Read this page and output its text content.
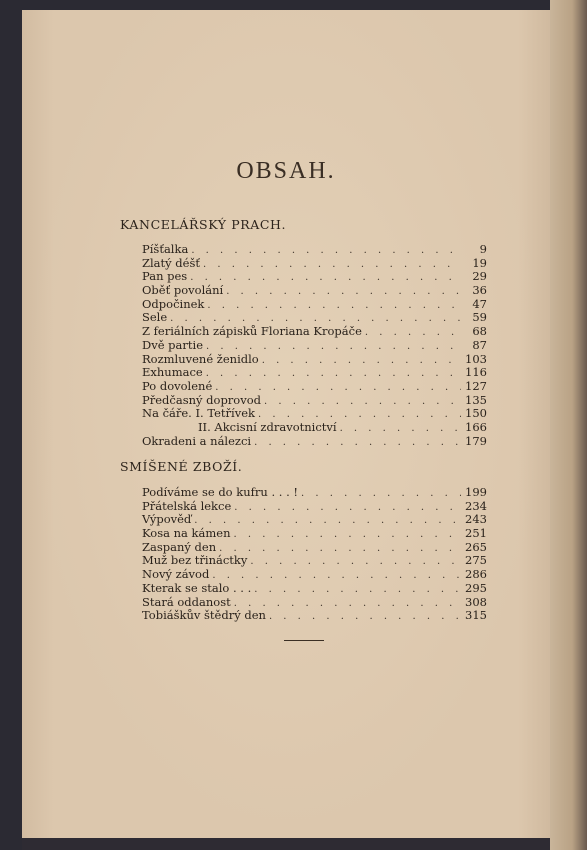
OBSAH.
KANCELÁŘSKÝ PRACH.
Píšťalka . . .	9
Zlatý déšť . . .	19
Pan pes . . .	29
Oběť povolání . . .	36
Odpočinek . . .	47
Sele . . .	59
Z feriálních zápisků Floriana Kropáče . . .	68
Dvě partie . . .	87
Rozmluvené ženidlo . . .	103
Exhumace . . .	116
Po dovolené . . .	127
Předčasný doprovod . . .	135
Na čáře. I. Tetřívek . . .	150
II. Akcisní zdravotnictví . . .	166
Okradeni a nálezci . . .	179
SMÍŠENÉ ZBOŽÍ.
Podíváme se do kufru . . . ! . . .	199
Přátelská lekce . . .	234
Výpověď . . .	243
Kosa na kámen . . .	251
Zaspaný den . . .	265
Muž bez třináctky . . .	275
Nový závod . . .	286
Kterak se stalo . . . . . .	295
Stará oddanost . . .	308
Tobiáškův štědrý den . . .	315
